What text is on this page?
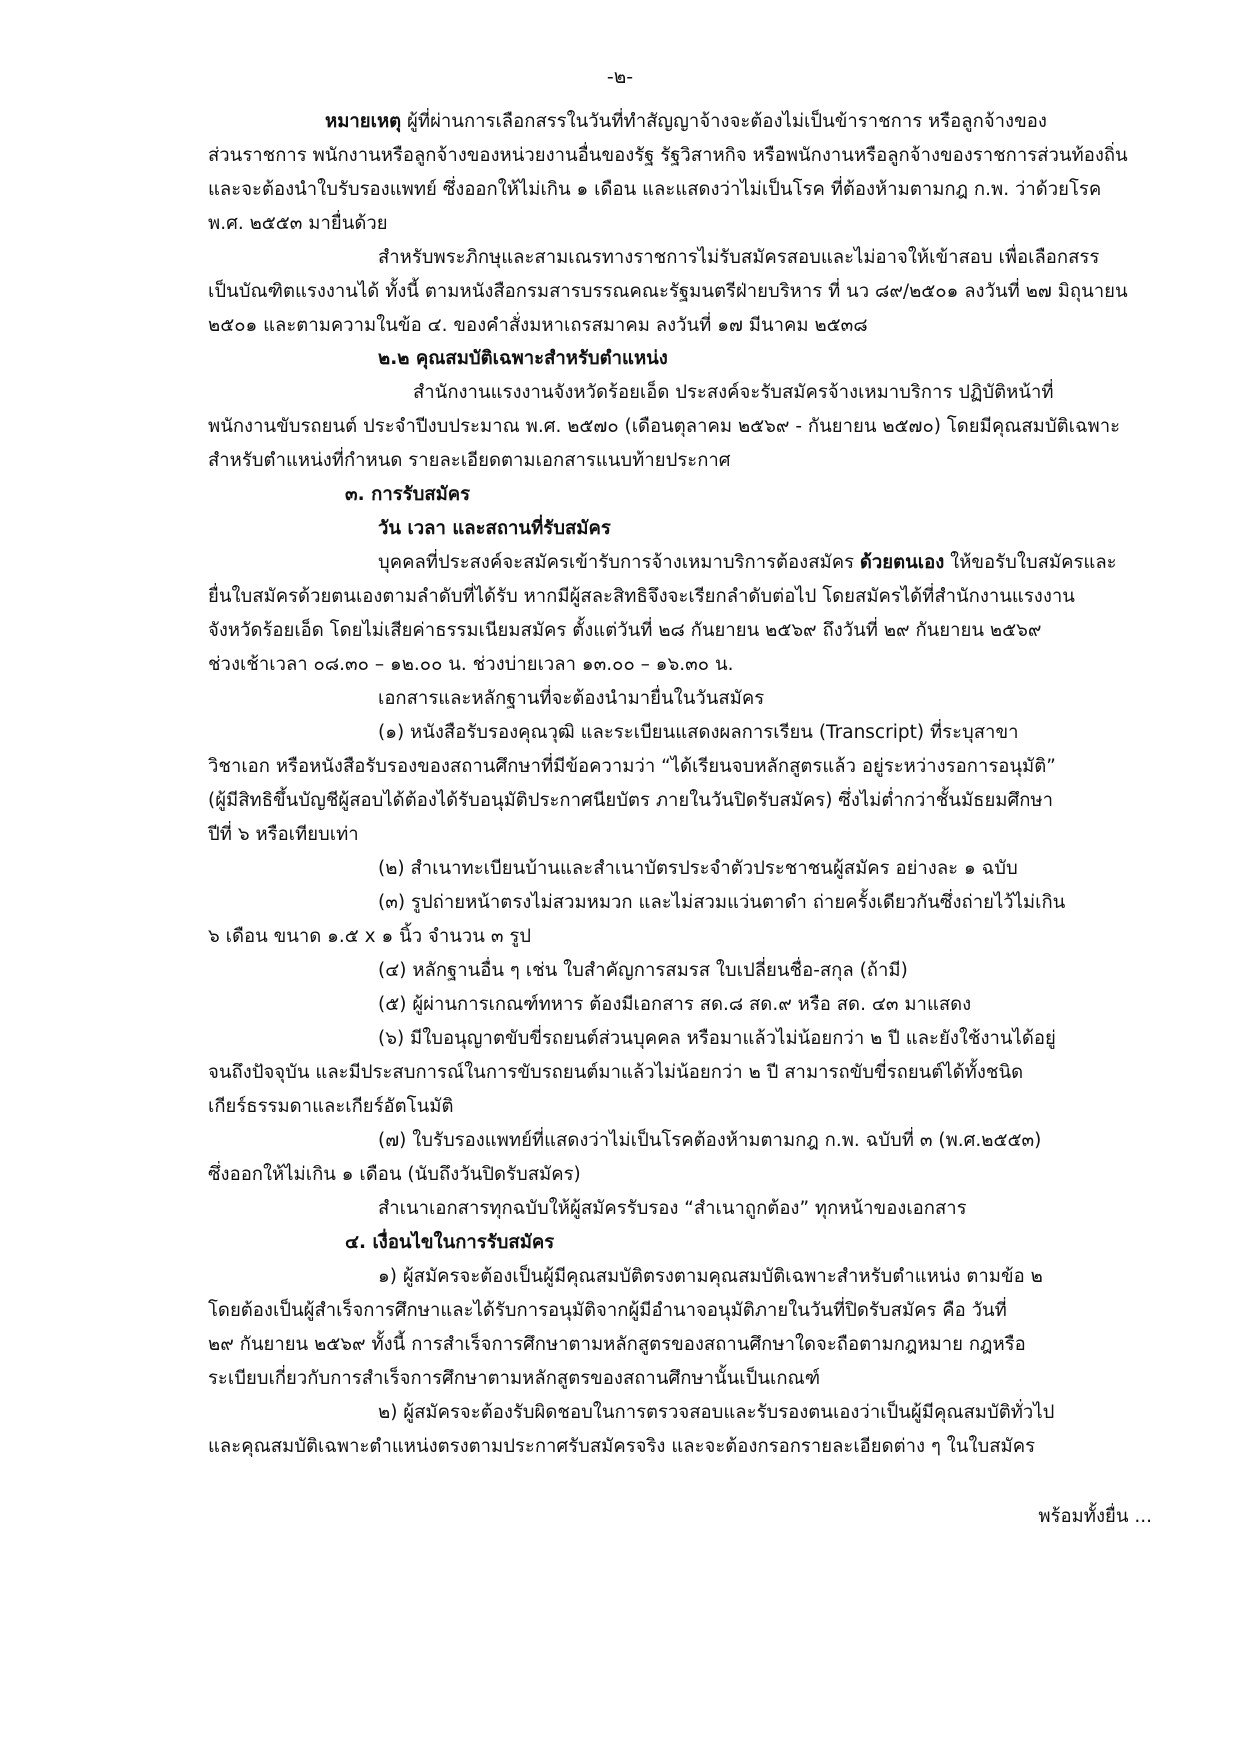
-๒-
หมายเหตุ ผู้ที่ผ่านการเลือกสรรในวันที่ทำสัญญาจ้างจะต้องไม่เป็นข้าราชการ หรือลูกจ้างของ
ส่วนราชการ พนักงานหรือลูกจ้างของหน่วยงานอื่นของรัฐ รัฐวิสาหกิจ หรือพนักงานหรือลูกจ้างของราชการส่วนท้องถิ่น
และจะต้องนำใบรับรองแพทย์ ซึ่งออกให้ไม่เกิน ๑ เดือน และแสดงว่าไม่เป็นโรค ที่ต้องห้ามตามกฎ ก.พ. ว่าด้วยโรค
พ.ศ. ๒๕๕๓ มายื่นด้วย
สำหรับพระภิกษุและสามเณรทางราชการไม่รับสมัครสอบและไม่อาจให้เข้าสอบ เพื่อเลือกสรร
เป็นบัณฑิตแรงงานได้ ทั้งนี้ ตามหนังสือกรมสารบรรณคณะรัฐมนตรีฝ่ายบริหาร ที่ นว ๘๙/๒๕๐๑ ลงวันที่ ๒๗ มิถุนายน
๒๕๐๑ และตามความในข้อ ๔. ของคำสั่งมหาเถรสมาคม ลงวันที่ ๑๗ มีนาคม ๒๕๓๘
๒.๒ คุณสมบัติเฉพาะสำหรับตำแหน่ง
สำนักงานแรงงานจังหวัดร้อยเอ็ด ประสงค์จะรับสมัครจ้างเหมาบริการ ปฏิบัติหน้าที่
พนักงานขับรถยนต์ ประจำปีงบประมาณ พ.ศ. ๒๕๗๐ (เดือนตุลาคม ๒๕๖๙ - กันยายน ๒๕๗๐) โดยมีคุณสมบัติเฉพาะ
สำหรับตำแหน่งที่กำหนด รายละเอียดตามเอกสารแนบท้ายประกาศ
๓. การรับสมัคร
วัน เวลา และสถานที่รับสมัคร
บุคคลที่ประสงค์จะสมัครเข้ารับการจ้างเหมาบริการต้องสมัคร ด้วยตนเอง ให้ขอรับใบสมัครและ
ยื่นใบสมัครด้วยตนเองตามลำดับที่ได้รับ หากมีผู้สละสิทธิจึงจะเรียกลำดับต่อไป โดยสมัครได้ที่สำนักงานแรงงาน
จังหวัดร้อยเอ็ด โดยไม่เสียค่าธรรมเนียมสมัคร ตั้งแต่วันที่ ๒๘ กันยายน ๒๕๖๙ ถึงวันที่ ๒๙ กันยายน ๒๕๖๙
ช่วงเช้าเวลา ๐๘.๓๐ – ๑๒.๐๐ น. ช่วงบ่ายเวลา ๑๓.๐๐ – ๑๖.๓๐ น.
เอกสารและหลักฐานที่จะต้องนำมายื่นในวันสมัคร
(๑) หนังสือรับรองคุณวุฒิ และระเบียนแสดงผลการเรียน (Transcript) ที่ระบุสาขา
วิชาเอก หรือหนังสือรับรองของสถานศึกษาที่มีข้อความว่า “ได้เรียนจบหลักสูตรแล้ว อยู่ระหว่างรอการอนุมัติ”
(ผู้มีสิทธิขึ้นบัญชีผู้สอบได้ต้องได้รับอนุมัติประกาศนียบัตร ภายในวันปิดรับสมัคร) ซึ่งไม่ต่ำกว่าชั้นมัธยมศึกษา
ปีที่ ๖ หรือเทียบเท่า
(๒) สำเนาทะเบียนบ้านและสำเนาบัตรประจำตัวประชาชนผู้สมัคร อย่างละ ๑ ฉบับ
(๓) รูปถ่ายหน้าตรงไม่สวมหมวก และไม่สวมแว่นตาดำ ถ่ายครั้งเดียวกันซึ่งถ่ายไว้ไม่เกิน
๖ เดือน ขนาด ๑.๕ x ๑ นิ้ว จำนวน ๓ รูป
(๔) หลักฐานอื่น ๆ เช่น ใบสำคัญการสมรส ใบเปลี่ยนชื่อ-สกุล (ถ้ามี)
(๕) ผู้ผ่านการเกณฑ์ทหาร ต้องมีเอกสาร สด.๘ สด.๙ หรือ สด. ๔๓ มาแสดง
(๖) มีใบอนุญาตขับขี่รถยนต์ส่วนบุคคล หรือมาแล้วไม่น้อยกว่า ๒ ปี และยังใช้งานได้อยู่
จนถึงปัจจุบัน และมีประสบการณ์ในการขับรถยนต์มาแล้วไม่น้อยกว่า ๒ ปี สามารถขับขี่รถยนต์ได้ทั้งชนิด
เกียร์ธรรมดาและเกียร์อัตโนมัติ
(๗) ใบรับรองแพทย์ที่แสดงว่าไม่เป็นโรคต้องห้ามตามกฎ ก.พ. ฉบับที่ ๓ (พ.ศ.๒๕๕๓)
ซึ่งออกให้ไม่เกิน ๑ เดือน (นับถึงวันปิดรับสมัคร)
สำเนาเอกสารทุกฉบับให้ผู้สมัครรับรอง “สำเนาถูกต้อง” ทุกหน้าของเอกสาร
๔. เงื่อนไขในการรับสมัคร
๑) ผู้สมัครจะต้องเป็นผู้มีคุณสมบัติตรงตามคุณสมบัติเฉพาะสำหรับตำแหน่ง ตามข้อ ๒
โดยต้องเป็นผู้สำเร็จการศึกษาและได้รับการอนุมัติจากผู้มีอำนาจอนุมัติภายในวันที่ปิดรับสมัคร คือ วันที่
๒๙ กันยายน ๒๕๖๙ ทั้งนี้ การสำเร็จการศึกษาตามหลักสูตรของสถานศึกษาใดจะถือตามกฎหมาย กฎหรือ
ระเบียบเกี่ยวกับการสำเร็จการศึกษาตามหลักสูตรของสถานศึกษานั้นเป็นเกณฑ์
๒) ผู้สมัครจะต้องรับผิดชอบในการตรวจสอบและรับรองตนเองว่าเป็นผู้มีคุณสมบัติทั่วไป
และคุณสมบัติเฉพาะตำแหน่งตรงตามประกาศรับสมัครจริง และจะต้องกรอกรายละเอียดต่าง ๆ ในใบสมัคร
พร้อมทั้งยื่น ...
